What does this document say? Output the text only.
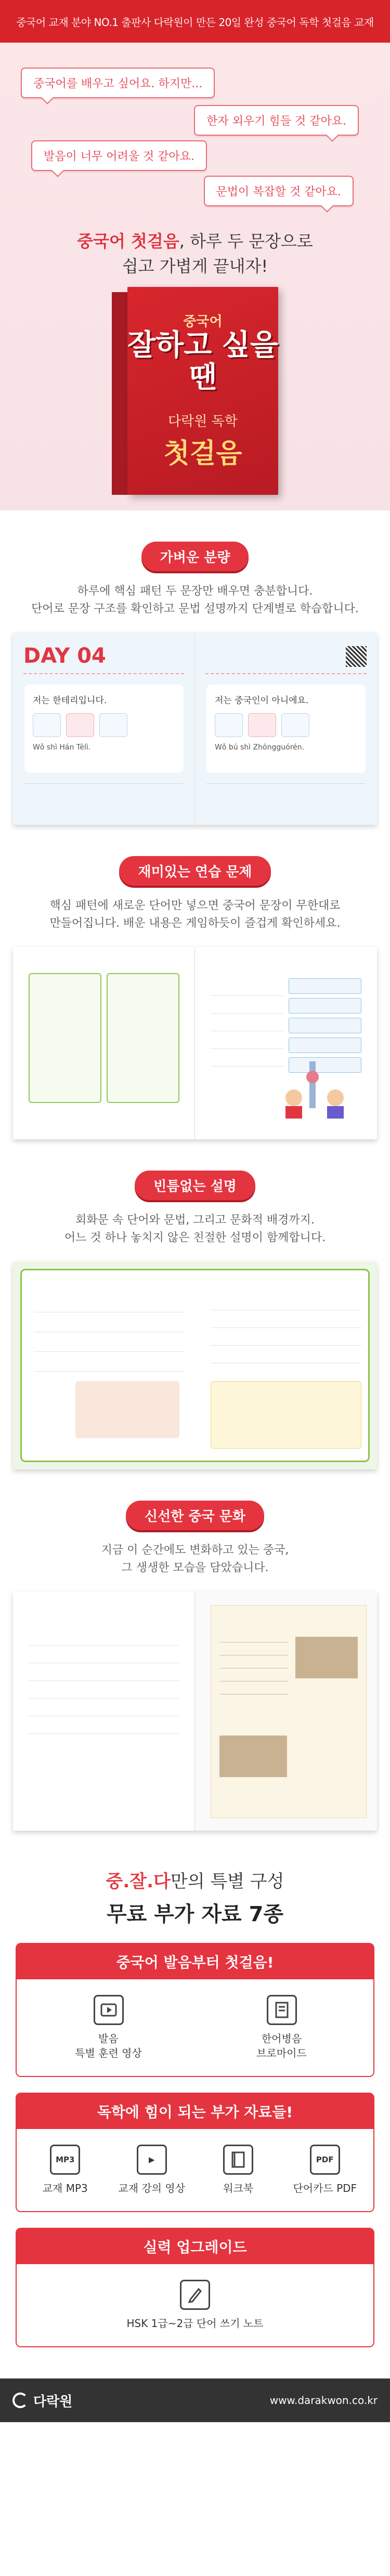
중국어 교재 분야 NO.1 출판사 다락원이 만든 20일 완성 중국어 독학 첫걸음 교재
중국어를 배우고 싶어요. 하지만...
한자 외우기 힘들 것 같아요.
발음이 너무 어려울 것 같아요.
문법이 복잡할 것 같아요.
중국어 첫걸음, 하루 두 문장으로
쉽고 가볍게 끝내자!
중국어
잘하고 싶을땐
다락원 독학
첫걸음
가벼운 분량
하루에 핵심 패턴 두 문장만 배우면 충분합니다.
단어로 문장 구조를 확인하고 문법 설명까지 단계별로 학습합니다.
DAY 04
저는 한테리입니다.
Wǒ shì Hán Tèlì.
저는 중국인이 아니에요.
Wǒ bú shì Zhōngguórén.
재미있는 연습 문제
핵심 패턴에 새로운 단어만 넣으면 중국어 문장이 무한대로
만들어집니다. 배운 내용은 게임하듯이 즐겁게 확인하세요.
빈틈없는 설명
회화문 속 단어와 문법, 그리고 문화적 배경까지.
어느 것 하나 놓치지 않은 친절한 설명이 함께합니다.
신선한 중국 문화
지금 이 순간에도 변화하고 있는 중국,
그 생생한 모습을 담았습니다.
중.잘.다만의 특별 구성
무료 부가 자료 7종
중국어 발음부터 첫걸음!
발음
특별 훈련 영상
한어병음
브로마이드
독학에 힘이 되는 부가 자료들!
MP3
교재 MP3
▶
교재 강의 영상	워크북
PDF
단어카드 PDF
실력 업그레이드
HSK 1급~2급 단어 쓰기 노트
다락원	www.darakwon.co.kr
